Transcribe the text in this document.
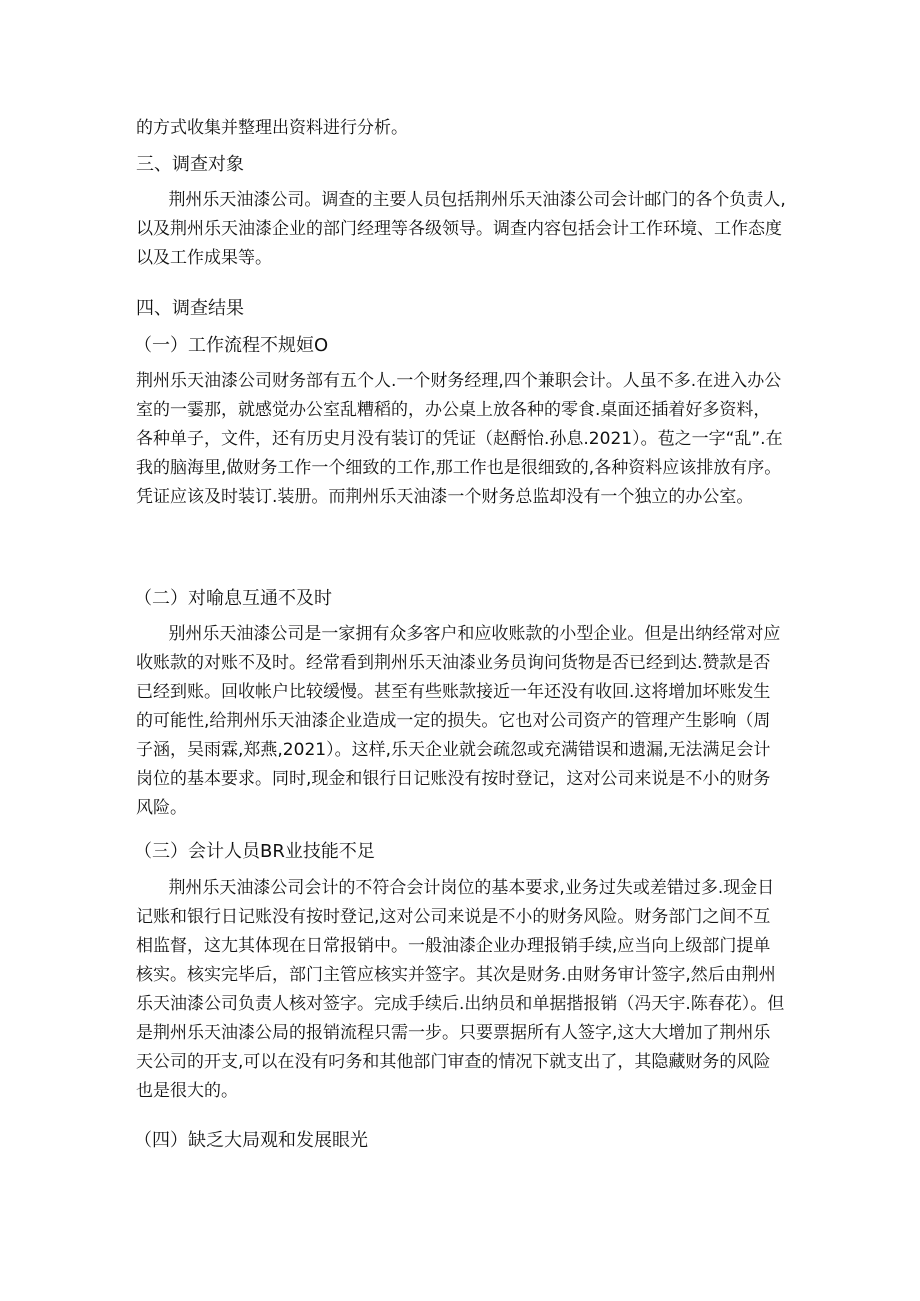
的方式收集并整理出资料进行分析。
三、调查对象
荆州乐天油漆公司。调查的主要人员包括荆州乐天油漆公司会计邮门的各个负责人,以及荆州乐天油漆企业的部门经理等各级领导。调查内容包括会计工作环境、工作态度以及工作成果等。
四、调查结果
（一）工作流程不规姮O
荆州乐天油漆公司财务部有五个人.一个财务经理,四个兼职会计。人虽不多.在进入办公室的一霎那，就感觉办公室乱糟稻的，办公桌上放各种的零食.桌面还插着好多资料，各种单子，文件，还有历史月没有装订的凭证（赵酹怡.孙息.2021）。苞之一字“乱”.在我的脑海里,做财务工作一个细致的工作,那工作也是很细致的,各种资料应该排放有序。凭证应该及时装订.装册。而荆州乐天油漆一个财务总监却没有一个独立的办公室。
（二）对喻息互通不及时
别州乐天油漆公司是一家拥有众多客户和应收账款的小型企业。但是出纳经常对应收账款的对账不及时。经常看到荆州乐天油漆业务员询问货物是否已经到达.赞款是否已经到账。回收帐户比较缓慢。甚至有些账款接近一年还没有收回.这将增加坏账发生的可能性,给荆州乐天油漆企业造成一定的损失。它也对公司资产的管理产生影响（周子涵，吴雨霖,郑燕,2021）。这样,乐天企业就会疏忽或充满错误和遗漏,无法满足会计岗位的基本要求。同时,现金和银行日记账没有按时登记，这对公司来说是不小的财务风险。
（三）会计人员BR业技能不足
荆州乐天油漆公司会计的不符合会计岗位的基本要求,业务过失或差错过多.现金日记账和银行日记账没有按时登记,这对公司来说是不小的财务风险。财务部门之间不互相监督，这尢其体现在日常报销中。一般油漆企业办理报销手续,应当向上级部门提单核实。核实完毕后，部门主管应核实并签字。其次是财务.由财务审计签字,然后由荆州乐天油漆公司负责人核对签字。完成手续后.出纳员和单据揩报销（冯天宇.陈春花）。但是荆州乐天油漆公局的报销流程只需一步。只要票据所有人签字,这大大增加了荆州乐天公司的开支,可以在没有叼务和其他部门审查的情况下就支出了，其隐藏财务的风险也是很大的。
（四）缺乏大局观和发展眼光
